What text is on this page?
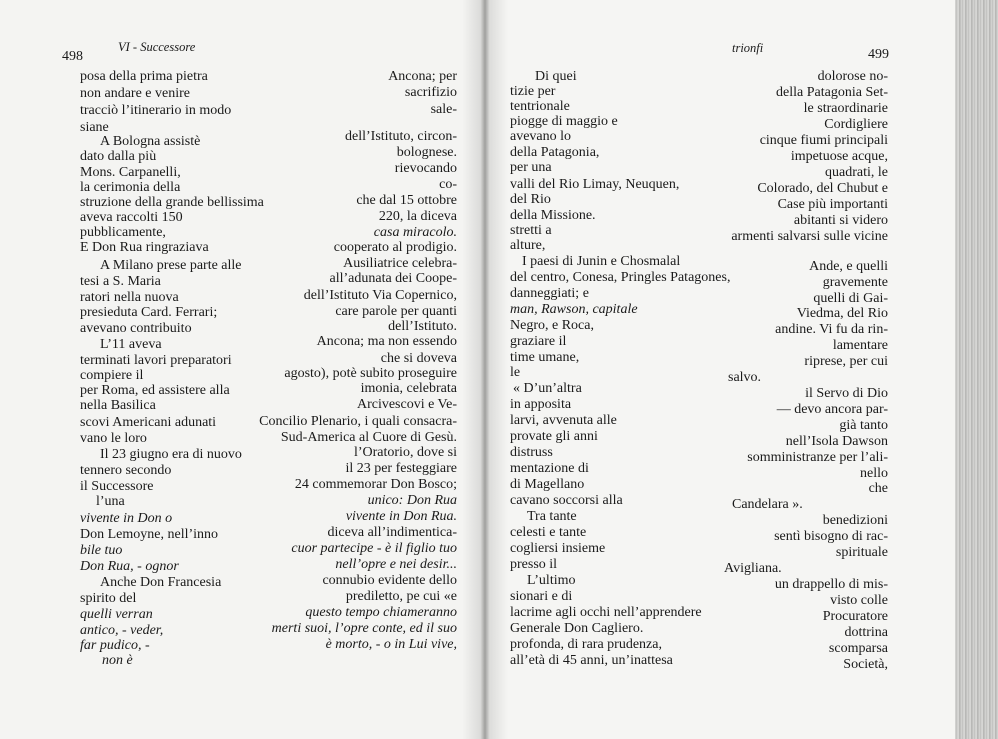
498
VI - Successore
posa della prima pietra
non andare e venire
tracciò l’itinerario in modo
siane
A Bologna assistè
dato dalla più
Mons. Carpanelli,
la cerimonia della
struzione della grande bellissima
aveva raccolti 150
pubblicamente,
E Don Rua ringraziava
A Milano prese parte alle
tesi a S. Maria
ratori nella nuova
presieduta Card. Ferrari;
avevano contribuito
L’11 aveva
terminati lavori preparatori
compiere il
per Roma, ed assistere alla
nella Basilica
scovi Americani adunati
vano le loro
Il 23 giugno era di nuovo
tennero secondo
il Successore
l’una
vivente in Don o
Don Lemoyne, nell’inno
bile tuo
Don Rua, - ognor
Anche Don Francesia
spirito del
quelli verran
antico, - veder,
far pudico, -
non è
Ancona; per
sacrifizio
sale-
dell’Istituto, circon-
bolognese.
rievocando
co-
che dal 15 ottobre
220, la diceva
casa miracolo.
cooperato al prodigio.
Ausiliatrice celebra-
all’adunata dei Coope-
dell’Istituto Via Copernico,
care parole per quanti
dell’Istituto.
Ancona; ma non essendo
che si doveva
agosto), potè subito proseguire
imonia, celebrata
Arcivescovi e Ve-
Concilio Plenario, i quali consacra-
Sud-America al Cuore di Gesù.
l’Oratorio, dove si
il 23 per festeggiare
24 commemorar Don Bosco;
unico: Don Rua
vivente in Don Rua.
diceva all’indimentica-
cuor partecipe - è il figlio tuo
nell’opre e nei desir...
connubio evidente dello
prediletto, pe cui «e
questo tempo chiameranno
merti suoi, l’opre conte, ed il suo
è morto, - o in Lui vive,
trionfi	499
Di quei
tizie per
tentrionale
piogge di maggio e
avevano lo
della Patagonia,
per una
valli del Rio Limay, Neuquen,
del Rio
della Missione.
stretti a
alture,
I paesi di Junin e Chosmalal
del centro, Conesa, Pringles Patagones,
danneggiati; e
man, Rawson, capitale
Negro, e Roca,
graziare il
time umane,
le
« D’un’altra
in apposita
larvi, avvenuta alle
provate gli anni
distruss
mentazione di
di Magellano
cavano soccorsi alla
Tra tante
celesti e tante
cogliersi insieme
presso il
L’ultimo
sionari e di
lacrime agli occhi nell’apprendere
Generale Don Cagliero.
profonda, di rara prudenza,
all’età di 45 anni, un’inattesa
dolorose no-
della Patagonia Set-
le straordinarie
Cordigliere
cinque fiumi principali
impetuose acque,
quadrati, le
Colorado, del Chubut e
Case più importanti
abitanti si videro
armenti salvarsi sulle vicine
Ande, e quelli
gravemente
quelli di Gai-
Viedma, del Rio
andine. Vi fu da rin-
lamentare
riprese, per cui
salvo.
il Servo di Dio
— devo ancora par-
già tanto
nell’Isola Dawson
somministranze per l’ali-
nello
che
Candelara ».
benedizioni
sentì bisogno di rac-
spirituale
Avigliana.
un drappello di mis-
visto colle
Procuratore
dottrina
scomparsa
Società,
